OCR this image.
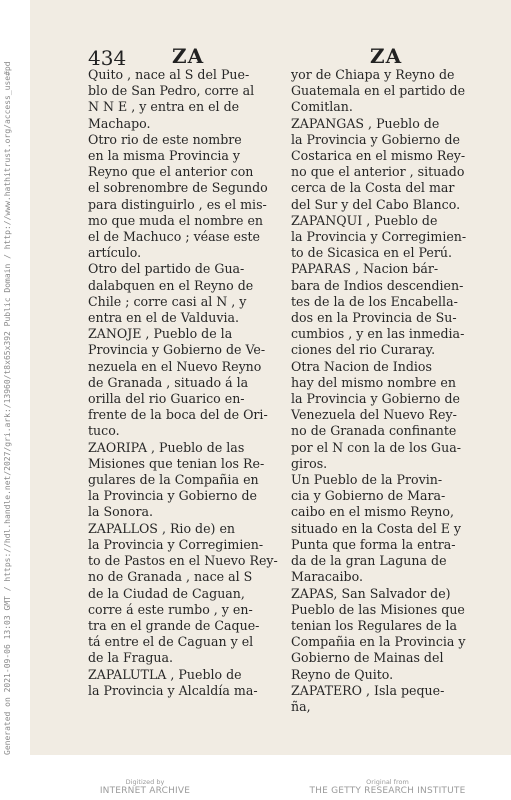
Generated on 2021-09-06 13:03 GMT / https://hdl.handle.net/2027/gri.ark:/13960/t8x65x392 Public Domain / http://www.hathitrust.org/access_use#pd
434 ZA	ZA

Quito , nace al S del Pue-
blo de San Pedro, corre al
N N E , y entra en el de
Machapo.

Otro rio de este nombre
en la misma Provincia y
Reyno que el anterior con
el sobrenombre de Segundo
para distinguirlo , es el mis-
mo que muda el nombre en
el de Machuco ; véase este
artículo.

Otro del partido de Gua-
dalabquen en el Reyno de
Chile ; corre casi al N , y
entra en el de Valduvia.

ZANOJE , Pueblo de la
Provincia y Gobierno de Ve-
nezuela en el Nuevo Reyno
de Granada , situado á la
orilla del rio Guarico en-
frente de la boca del de Ori-
tuco.

ZAORIPA , Pueblo de las
Misiones que tenian los Re-
gulares de la Compañia en
la Provincia y Gobierno de
la Sonora.

ZAPALLOS , Rio de) en
la Provincia y Corregimien-
to de Pastos en el Nuevo Rey-
no de Granada , nace al S
de la Ciudad de Caguan,
corre á este rumbo , y en-
tra en el grande de Caque-
tá entre el de Caguan y el
de la Fragua.

ZAPALUTLA , Pueblo de
la Provincia y Alcaldía ma-

yor de Chiapa y Reyno de
Guatemala en el partido de
Comitlan.

ZAPANGAS , Pueblo de
la Provincia y Gobierno de
Costarica en el mismo Rey-
no que el anterior , situado
cerca de la Costa del mar
del Sur y del Cabo Blanco.

ZAPANQUI , Pueblo de
la Provincia y Corregimien-
to de Sicasica en el Perú.

PAPARAS , Nacion bár-
bara de Indios descendien-
tes de la de los Encabella-
dos en la Provincia de Su-
cumbios , y en las inmedia-
ciones del rio Curaray.

Otra Nacion de Indios
hay del mismo nombre en
la Provincia y Gobierno de
Venezuela del Nuevo Rey-
no de Granada confinante
por el N con la de los Gua-
giros.

Un Pueblo de la Provin-
cia y Gobierno de Mara-
caibo en el mismo Reyno,
situado en la Costa del E y
Punta que forma la entra-
da de la gran Laguna de
Maracaibo.

ZAPAS, San Salvador de)
Pueblo de las Misiones que
tenian los Regulares de la
Compañia en la Provincia y
Gobierno de Mainas del
Reyno de Quito.

ZAPATERO , Isla peque-
ña,

Digitized by
INTERNET ARCHIVE
Original from
THE GETTY RESEARCH INSTITUTE
